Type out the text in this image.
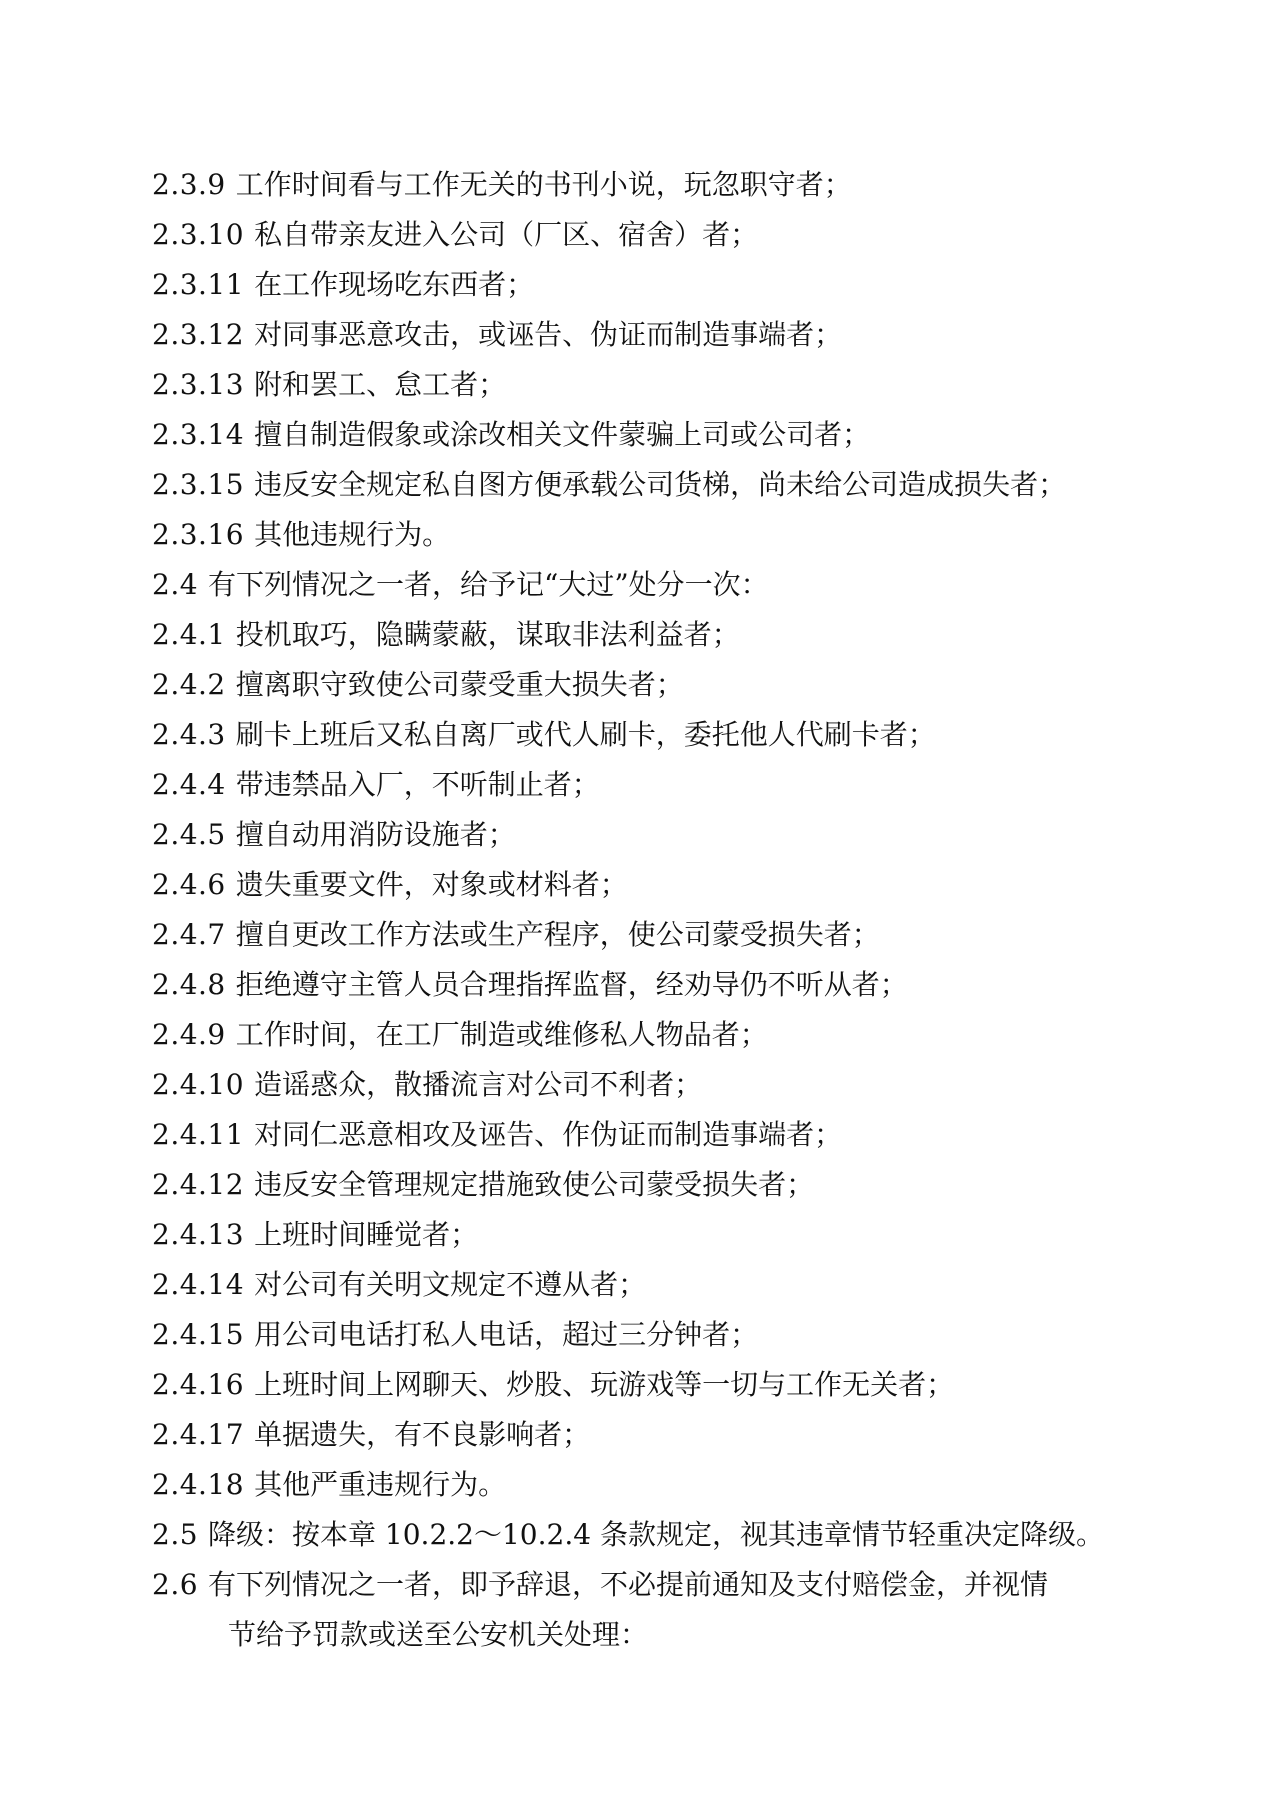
2.3.9 工作时间看与工作无关的书刊小说，玩忽职守者；
2.3.10 私自带亲友进入公司（厂区、宿舍）者；
2.3.11 在工作现场吃东西者；
2.3.12 对同事恶意攻击，或诬告、伪证而制造事端者；
2.3.13 附和罢工、怠工者；
2.3.14 擅自制造假象或涂改相关文件蒙骗上司或公司者；
2.3.15 违反安全规定私自图方便承载公司货梯，尚未给公司造成损失者；
2.3.16 其他违规行为。
2.4 有下列情况之一者，给予记“大过”处分一次：
2.4.1 投机取巧，隐瞒蒙蔽，谋取非法利益者；
2.4.2 擅离职守致使公司蒙受重大损失者；
2.4.3 刷卡上班后又私自离厂或代人刷卡，委托他人代刷卡者；
2.4.4 带违禁品入厂，不听制止者；
2.4.5 擅自动用消防设施者；
2.4.6 遗失重要文件，对象或材料者；
2.4.7 擅自更改工作方法或生产程序，使公司蒙受损失者；
2.4.8 拒绝遵守主管人员合理指挥监督，经劝导仍不听从者；
2.4.9 工作时间，在工厂制造或维修私人物品者；
2.4.10 造谣惑众，散播流言对公司不利者；
2.4.11 对同仁恶意相攻及诬告、作伪证而制造事端者；
2.4.12 违反安全管理规定措施致使公司蒙受损失者；
2.4.13 上班时间睡觉者；
2.4.14 对公司有关明文规定不遵从者；
2.4.15 用公司电话打私人电话，超过三分钟者；
2.4.16 上班时间上网聊天、炒股、玩游戏等一切与工作无关者；
2.4.17 单据遗失，有不良影响者；
2.4.18 其他严重违规行为。
2.5 降级：按本章 10.2.2～10.2.4 条款规定，视其违章情节轻重决定降级。
2.6 有下列情况之一者，即予辞退，不必提前通知及支付赔偿金，并视情
节给予罚款或送至公安机关处理：
